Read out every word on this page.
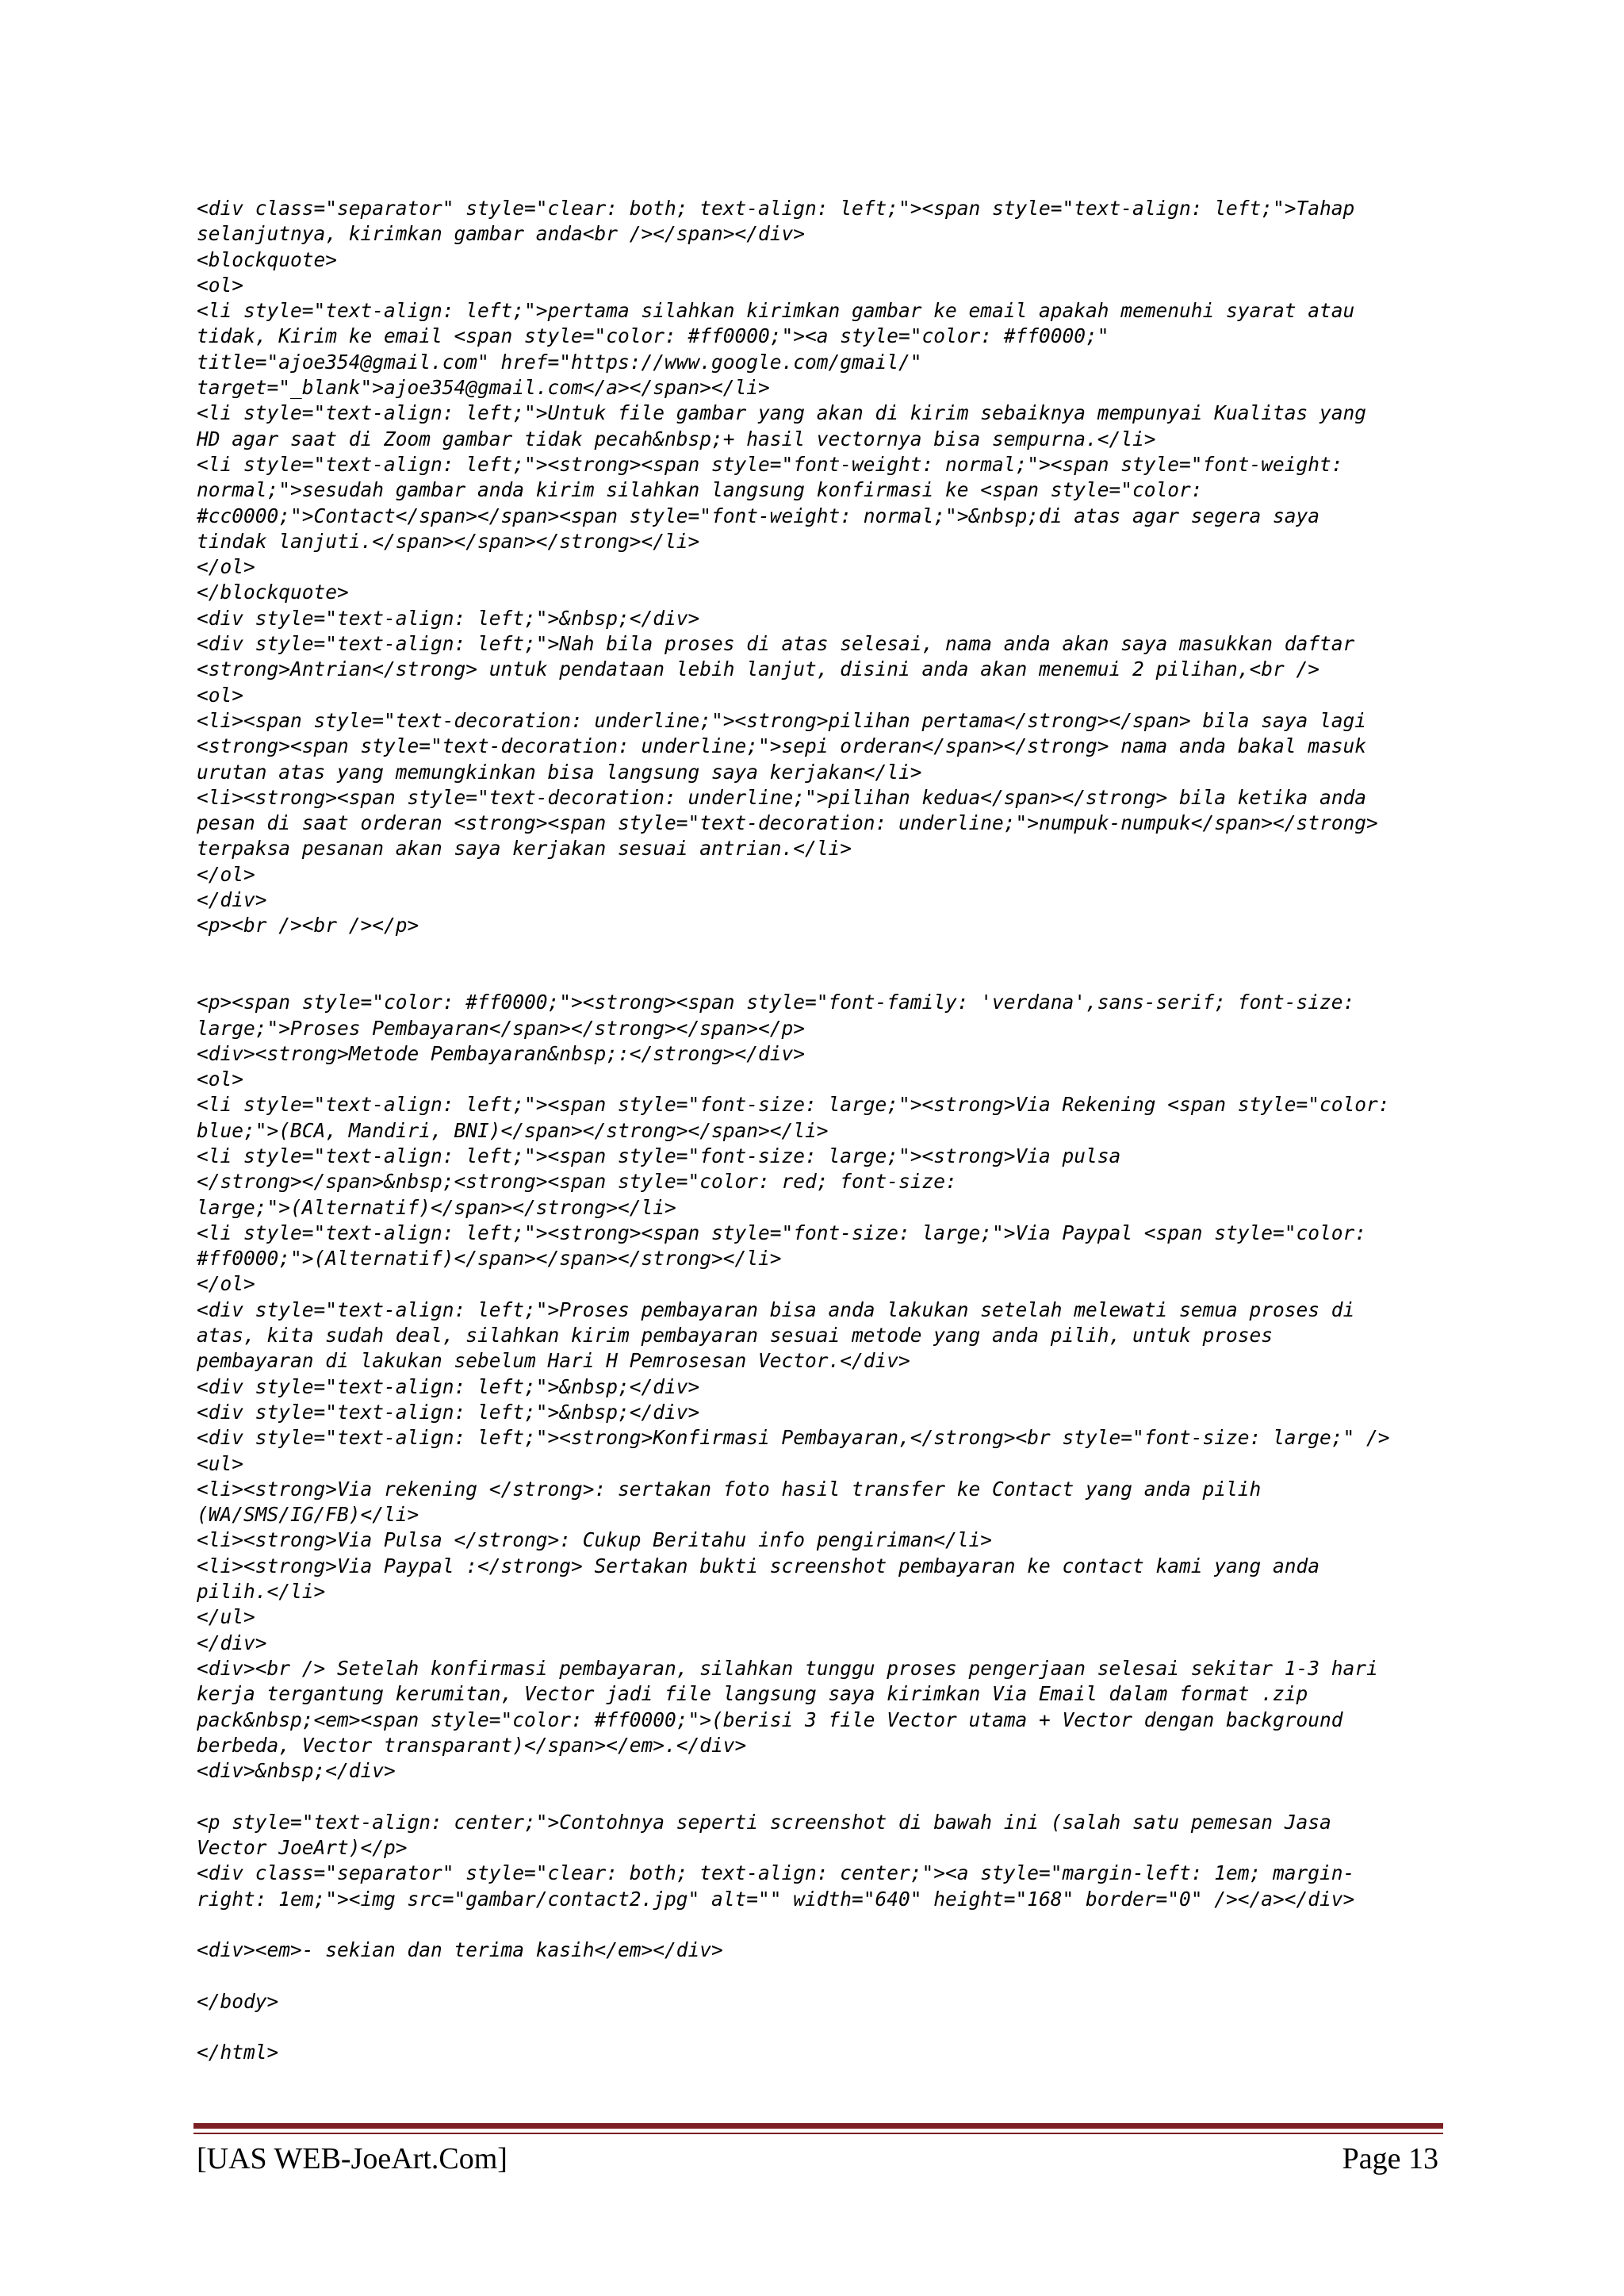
<div class="separator" style="clear: both; text-align: left;"><span style="text-align: left;">Tahap
selanjutnya, kirimkan gambar anda<br /></span></div>
<blockquote>
<ol>
<li style="text-align: left;">pertama silahkan kirimkan gambar ke email apakah memenuhi syarat atau
tidak, Kirim ke email <span style="color: #ff0000;"><a style="color: #ff0000;"
title="ajoe354@gmail.com" href="https://www.google.com/gmail/"
target="_blank">ajoe354@gmail.com</a></span></li>
<li style="text-align: left;">Untuk file gambar yang akan di kirim sebaiknya mempunyai Kualitas yang
HD agar saat di Zoom gambar tidak pecah&nbsp;+ hasil vectornya bisa sempurna.</li>
<li style="text-align: left;"><strong><span style="font-weight: normal;"><span style="font-weight:
normal;">sesudah gambar anda kirim silahkan langsung konfirmasi ke <span style="color:
#cc0000;">Contact</span></span><span style="font-weight: normal;">&nbsp;di atas agar segera saya
tindak lanjuti.</span></span></strong></li>
</ol>
</blockquote>
<div style="text-align: left;">&nbsp;</div>
<div style="text-align: left;">Nah bila proses di atas selesai, nama anda akan saya masukkan daftar
<strong>Antrian</strong> untuk pendataan lebih lanjut, disini anda akan menemui 2 pilihan,<br />
<ol>
<li><span style="text-decoration: underline;"><strong>pilihan pertama</strong></span> bila saya lagi
<strong><span style="text-decoration: underline;">sepi orderan</span></strong> nama anda bakal masuk
urutan atas yang memungkinkan bisa langsung saya kerjakan</li>
<li><strong><span style="text-decoration: underline;">pilihan kedua</span></strong> bila ketika anda
pesan di saat orderan <strong><span style="text-decoration: underline;">numpuk-numpuk</span></strong>
terpaksa pesanan akan saya kerjakan sesuai antrian.</li>
</ol>
</div>
<p><br /><br /></p>
<p><span style="color: #ff0000;"><strong><span style="font-family: 'verdana',sans-serif; font-size:
large;">Proses Pembayaran</span></strong></span></p>
<div><strong>Metode Pembayaran&nbsp;:</strong></div>
<ol>
<li style="text-align: left;"><span style="font-size: large;"><strong>Via Rekening <span style="color:
blue;">(BCA, Mandiri, BNI)</span></strong></span></li>
<li style="text-align: left;"><span style="font-size: large;"><strong>Via pulsa
</strong></span>&nbsp;<strong><span style="color: red; font-size:
large;">(Alternatif)</span></strong></li>
<li style="text-align: left;"><strong><span style="font-size: large;">Via Paypal <span style="color:
#ff0000;">(Alternatif)</span></span></strong></li>
</ol>
<div style="text-align: left;">Proses pembayaran bisa anda lakukan setelah melewati semua proses di
atas, kita sudah deal, silahkan kirim pembayaran sesuai metode yang anda pilih, untuk proses
pembayaran di lakukan sebelum Hari H Pemrosesan Vector.</div>
<div style="text-align: left;">&nbsp;</div>
<div style="text-align: left;">&nbsp;</div>
<div style="text-align: left;"><strong>Konfirmasi Pembayaran,</strong><br style="font-size: large;" />
<ul>
<li><strong>Via rekening </strong>: sertakan foto hasil transfer ke Contact yang anda pilih
(WA/SMS/IG/FB)</li>
<li><strong>Via Pulsa </strong>: Cukup Beritahu info pengiriman</li>
<li><strong>Via Paypal :</strong> Sertakan bukti screenshot pembayaran ke contact kami yang anda
pilih.</li>
</ul>
</div>
<div><br /> Setelah konfirmasi pembayaran, silahkan tunggu proses pengerjaan selesai sekitar 1-3 hari
kerja tergantung kerumitan, Vector jadi file langsung saya kirimkan Via Email dalam format .zip
pack&nbsp;<em><span style="color: #ff0000;">(berisi 3 file Vector utama + Vector dengan background
berbeda, Vector transparant)</span></em>.</div>
<div>&nbsp;</div>
<p style="text-align: center;">Contohnya seperti screenshot di bawah ini (salah satu pemesan Jasa
Vector JoeArt)</p>
<div class="separator" style="clear: both; text-align: center;"><a style="margin-left: 1em; margin-
right: 1em;"><img src="gambar/contact2.jpg" alt="" width="640" height="168" border="0" /></a></div>
<div><em>- sekian dan terima kasih</em></div>
</body>
</html>
[UAS WEB-JoeArt.Com]	Page 13
